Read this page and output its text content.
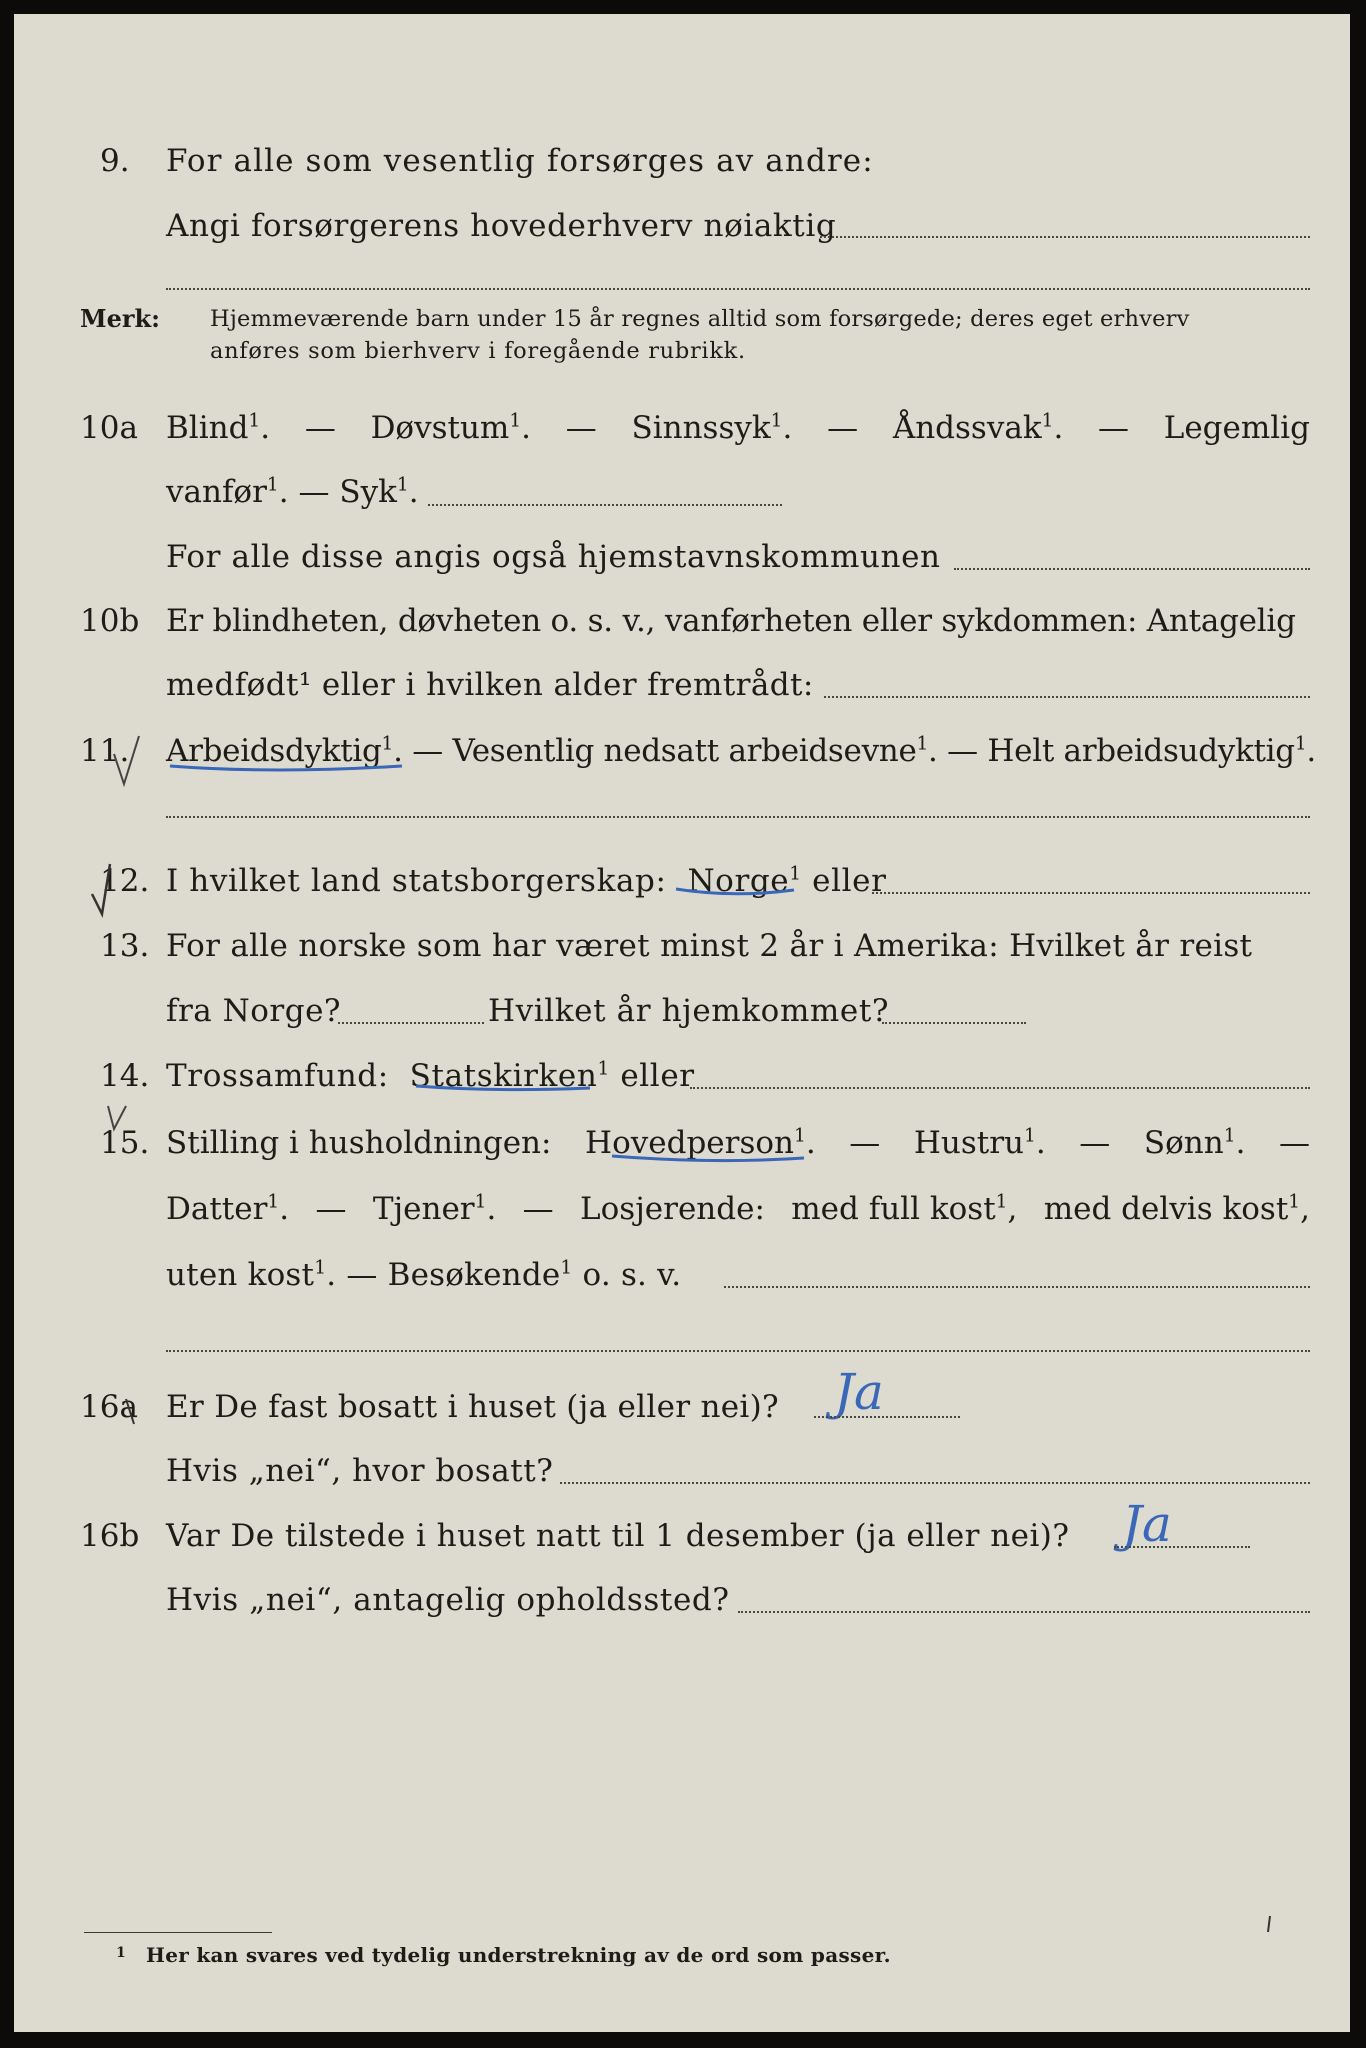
9. For alle som vesentlig forsørges av andre:
Angi forsørgerens hovederhverv nøiaktig
Merk: Hjemmeværende barn under 15 år regnes alltid som forsørgede; deres eget erhverv
anføres som bierhverv i foregående rubrikk.
10a Blind$^1$. — Døvstum$^1$. — Sinnssyk$^1$. — Åndssvak$^1$. — Legemlig
vanfør$^1$. — Syk$^1$.
For alle disse angis også hjemstavnskommunen
10b Er blindheten, døvheten o. s. v., vanførheten eller sykdommen: Antagelig
medfødt¹ eller i hvilken alder fremtrådt:
11. Arbeidsdyktig$^1$. — Vesentlig nedsatt arbeidsevne$^1$. — Helt arbeidsudyktig$^1$.
12. I hvilket land statsborgerskap: Norge$^1$ eller
13. For alle norske som har været minst 2 år i Amerika: Hvilket år reist
fra Norge?	Hvilket år hjemkommet?
14. Trossamfund: Statskirken$^1$ eller
15. Stilling i husholdningen: Hovedperson$^1$. — Hustru$^1$. — Sønn$^1$. —
Datter$^1$. — Tjener$^1$. — Losjerende: med full kost$^1$, med delvis kost$^1$,
uten kost$^1$. — Besøkende$^1$ o. s. v.
16a Er De fast bosatt i huset (ja eller nei)? Ja
Hvis „nei“, hvor bosatt?
16b Var De tilstede i huset natt til 1 desember (ja eller nei)? Ja
Hvis „nei“, antagelig opholdssted?
1 Her kan svares ved tydelig understrekning av de ord som passer.
